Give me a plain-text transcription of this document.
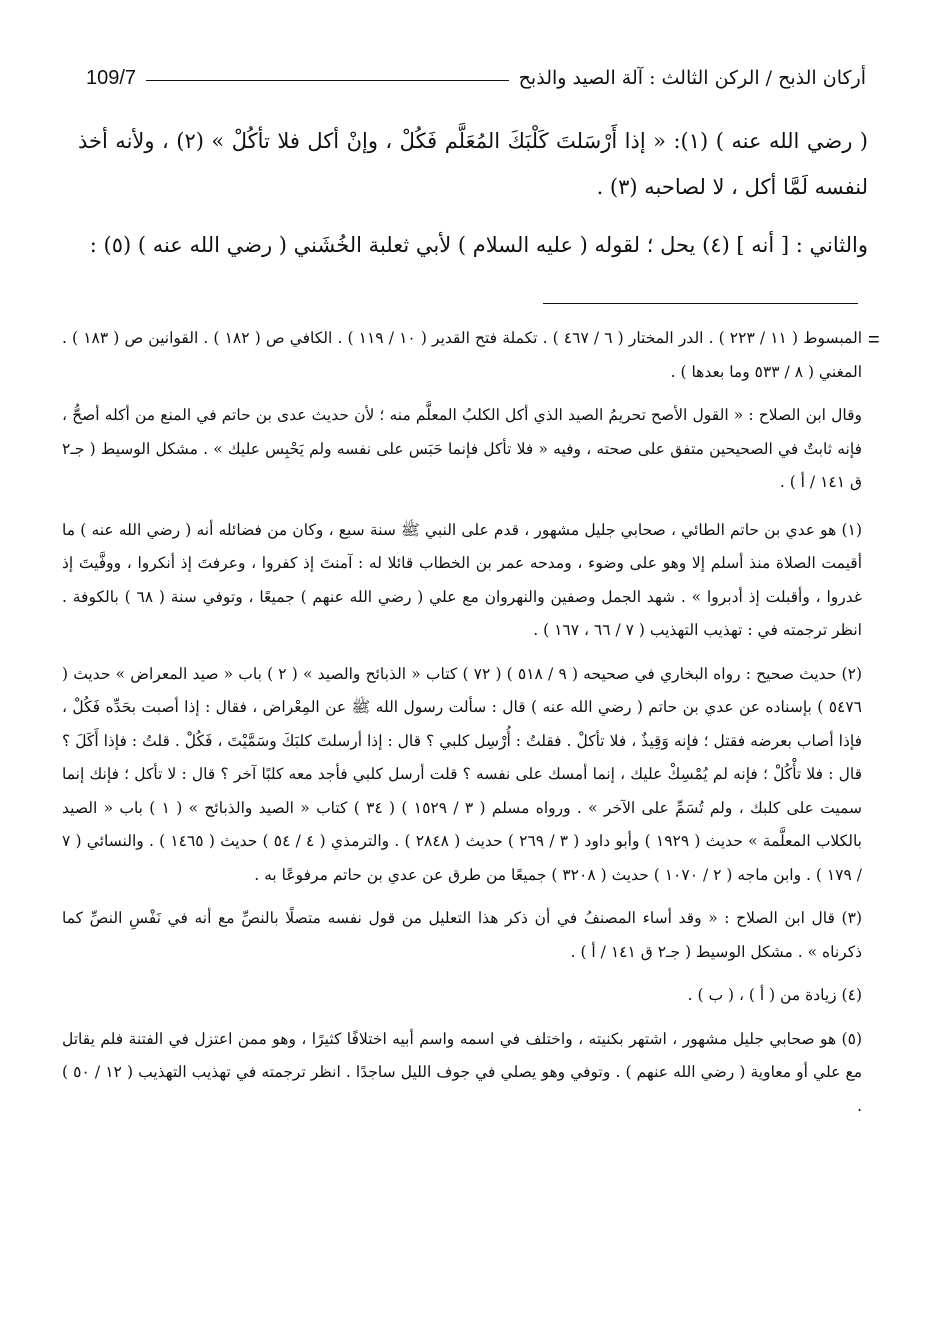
أركان الذبح / الركن الثالث : آلة الصيد والذبح
109/7

( رضي الله عنه ) (١): « إذا أَرْسَلتَ كَلْبَكَ المُعَلَّم فَكُلْ ، وإنْ أكل فلا تأكُلْ » (٢) ، ولأنه أخذ لنفسه لَمَّا أكل ، لا لصاحبه (٣) .

والثاني : [ أنه ] (٤) يحل ؛ لقوله ( عليه السلام ) لأبي ثعلبة الخُشَني ( رضي الله عنه ) (٥) :

=

المبسوط ( ١١ / ٢٢٣ ) . الدر المختار ( ٦ / ٤٦٧ ) . تكملة فتح القدير ( ١٠ / ١١٩ ) . الكافي ص ( ١٨٢ ) . القوانين ص ( ١٨٣ ) . المغني ( ٨ / ٥٣٣ وما بعدها ) .

وقال ابن الصلاح : « القول الأصح تحريمُ الصيد الذي أكل الكلبُ المعلَّم منه ؛ لأن حديث عدى بن حاتم في المنع من أكله أصحُّ ، فإنه ثابتٌ في الصحيحين متفق على صحته ، وفيه « فلا تأكل فإنما حَبَس على نفسه ولم يَحْبِس عليك » . مشكل الوسيط ( جـ٢ ق ١٤١ / أ ) .

(١) هو عدي بن حاتم الطائي ، صحابي جليل مشهور ، قدم على النبي ﷺ سنة سبع ، وكان من فضائله أنه ( رضي الله عنه ) ما أقيمت الصلاة منذ أسلم إلا وهو على وضوء ، ومدحه عمر بن الخطاب قائلا له : آمنتَ إذ كفروا ، وعرفتَ إذ أنكروا ، ووفَّيتَ إذ غدروا ، وأقبلت إذ أدبروا » . شهد الجمل وصفين والنهروان مع علي ( رضي الله عنهم ) جميعًا ، وتوفي سنة ( ٦٨ ) بالكوفة . انظر ترجمته في : تهذيب التهذيب ( ٧ / ٦٦ ، ١٦٧ ) .

(٢) حديث صحيح : رواه البخاري في صحيحه ( ٩ / ٥١٨ ) ( ٧٢ ) كتاب « الذبائح والصيد » ( ٢ ) باب « صيد المعراض » حديث ( ٥٤٧٦ ) بإسناده عن عدي بن حاتم ( رضي الله عنه ) قال : سألت رسول الله ﷺ عن المِعْراض ، فقال : إذا أصبت بحَدِّه فَكُلْ ، فإذا أصاب بعرضه فقتل ؛ فإنه وَقِيذٌ ، فلا تأكلْ . فقلتُ : أُرْسِل كلبي ؟ قال : إذا أرسلتَ كلبَكَ وسَمَّيْتَ ، فَكُلْ . قلتُ : فإذا أَكَلَ ؟ قال : فلا تأْكُلْ ؛ فإنه لم يُمْسِكْ عليك ، إنما أمسك على نفسه ؟ قلت أرسل كلبي فأجد معه كلبًا آخر ؟ قال : لا تأكل ؛ فإنك إنما سميت على كلبك ، ولم تُسَمِّ على الآخر » . ورواه مسلم ( ٣ / ١٥٢٩ ) ( ٣٤ ) كتاب « الصيد والذبائح » ( ١ ) باب « الصيد بالكلاب المعلَّمة » حديث ( ١٩٢٩ ) وأبو داود ( ٣ / ٢٦٩ ) حديث ( ٢٨٤٨ ) . والترمذي ( ٤ / ٥٤ ) حديث ( ١٤٦٥ ) . والنسائي ( ٧ / ١٧٩ ) . وابن ماجه ( ٢ / ١٠٧٠ ) حديث ( ٣٢٠٨ ) جميعًا من طرق عن عدي بن حاتم مرفوعًا به .

(٣) قال ابن الصلاح : « وقد أساء المصنفُ في أن ذكر هذا التعليل من قول نفسه متصلًا بالنصِّ مع أنه في نَفْسِ النصِّ كما ذكرناه » . مشكل الوسيط ( جـ٢ ق ١٤١ / أ ) .

(٤) زيادة من ( أ ) ، ( ب ) .

(٥) هو صحابي جليل مشهور ، اشتهر بكنيته ، واختلف في اسمه واسم أبيه اختلافًا كثيرًا ، وهو ممن اعتزل في الفتنة فلم يقاتل مع علي أو معاوية ( رضي الله عنهم ) . وتوفي وهو يصلي في جوف الليل ساجدًا . انظر ترجمته في تهذيب التهذيب ( ١٢ / ٥٠ ) .
